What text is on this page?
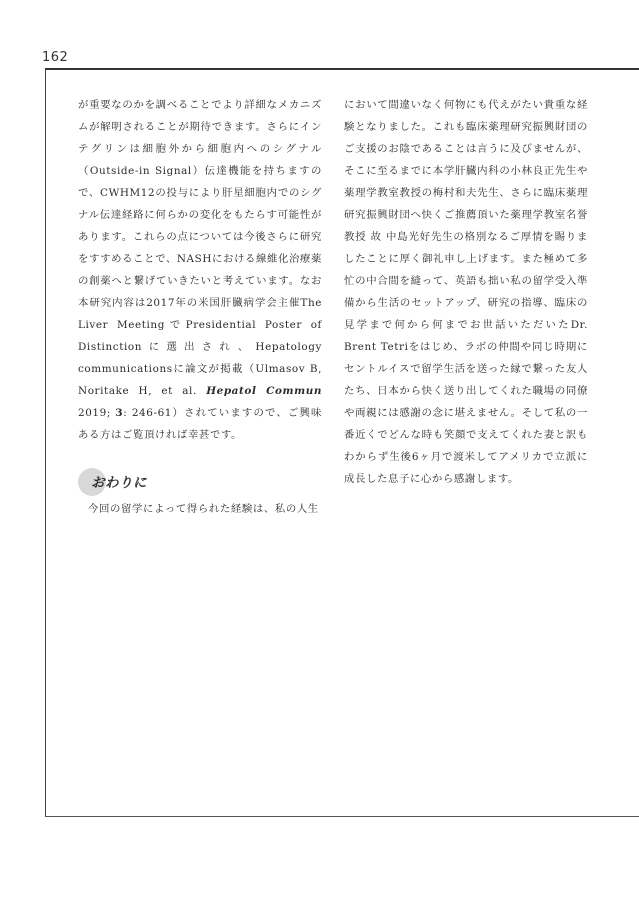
162

が重要なのかを調べることでより詳細なメカニズムが解明されることが期待できます。さらにインテグリンは細胞外から細胞内へのシグナル（Outside-in Signal）伝達機能を持ちますので、CWHM12の投与により肝星細胞内でのシグナル伝達経路に何らかの変化をもたらす可能性があります。これらの点については今後さらに研究をすすめることで、NASHにおける線維化治療薬の創薬へと繋げていきたいと考えています。なお本研究内容は2017年の米国肝臓病学会主催The Liver MeetingでPresidential Poster of Distinctionに選出され、Hepatology communicationsに論文が掲載（Ulmasov B, Noritake H, et al. Hepatol Commun 2019; 3: 246-61）されていますので、ご興味ある方はご覧頂ければ幸甚です。

おわりに

今回の留学によって得られた経験は、私の人生

において間違いなく何物にも代えがたい貴重な経験となりました。これも臨床薬理研究振興財団のご支援のお陰であることは言うに及びませんが、そこに至るまでに本学肝臓内科の小林良正先生や薬理学教室教授の梅村和夫先生、さらに臨床薬理研究振興財団へ快くご推薦頂いた薬理学教室名誉教授 故 中島光好先生の格別なるご厚情を賜りましたことに厚く御礼申し上げます。また極めて多忙の中合間を縫って、英語も拙い私の留学受入準備から生活のセットアップ、研究の指導、臨床の見学まで何から何までお世話いただいたDr. Brent Tetriをはじめ、ラボの仲間や同じ時期にセントルイスで留学生活を送った縁で繋った友人たち、日本から快く送り出してくれた職場の同僚や両親には感謝の念に堪えません。そして私の一番近くでどんな時も笑顔で支えてくれた妻と訳もわからず生後6ヶ月で渡米してアメリカで立派に成長した息子に心から感謝します。
